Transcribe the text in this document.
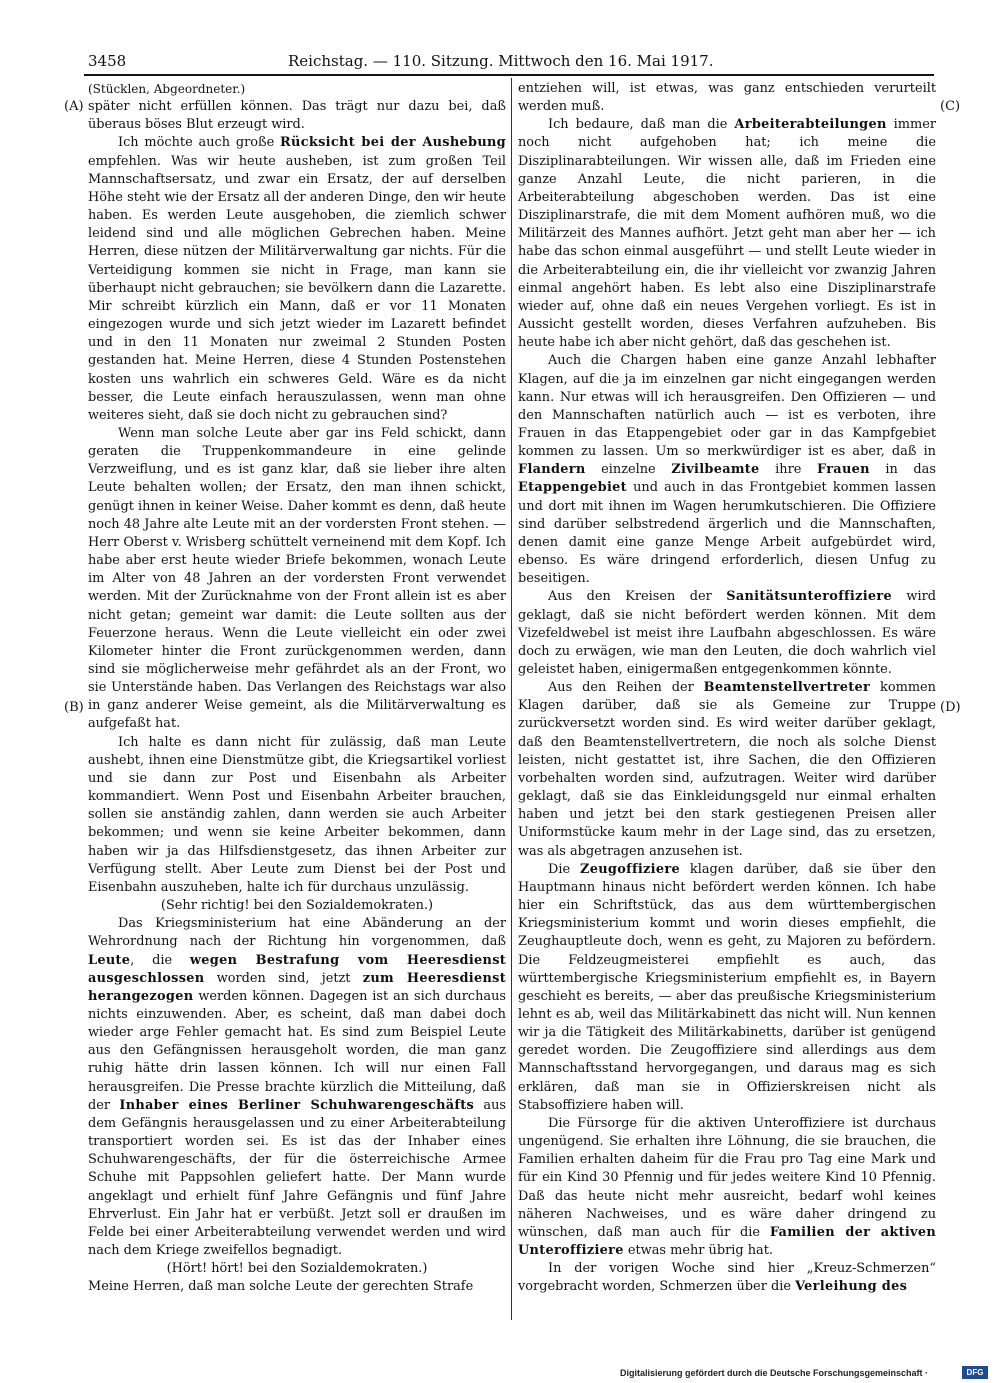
3458	Reichstag. — 110. Sitzung. Mittwoch den 16. Mai 1917.
(A)
(B)
(C)
(D)

(Stücklen, Abgeordneter.)

später nicht erfüllen können. Das trägt nur dazu bei, daß überaus böses Blut erzeugt wird.

Ich möchte auch große Rücksicht bei der Aushebung empfehlen. Was wir heute ausheben, ist zum großen Teil Mannschaftsersatz, und zwar ein Ersatz, der auf derselben Höhe steht wie der Ersatz all der anderen Dinge, den wir heute haben. Es werden Leute ausgehoben, die ziemlich schwer leidend sind und alle möglichen Gebrechen haben. Meine Herren, diese nützen der Militärverwaltung gar nichts. Für die Verteidigung kommen sie nicht in Frage, man kann sie überhaupt nicht gebrauchen; sie bevölkern dann die Lazarette. Mir schreibt kürzlich ein Mann, daß er vor 11 Monaten eingezogen wurde und sich jetzt wieder im Lazarett befindet und in den 11 Monaten nur zweimal 2 Stunden Posten gestanden hat. Meine Herren, diese 4 Stunden Postenstehen kosten uns wahrlich ein schweres Geld. Wäre es da nicht besser, die Leute einfach herauszulassen, wenn man ohne weiteres sieht, daß sie doch nicht zu gebrauchen sind?

Wenn man solche Leute aber gar ins Feld schickt, dann geraten die Truppenkommandeure in eine gelinde Verzweiflung, und es ist ganz klar, daß sie lieber ihre alten Leute behalten wollen; der Ersatz, den man ihnen schickt, genügt ihnen in keiner Weise. Daher kommt es denn, daß heute noch 48 Jahre alte Leute mit an der vordersten Front stehen. — Herr Oberst v. Wrisberg schüttelt verneinend mit dem Kopf. Ich habe aber erst heute wieder Briefe bekommen, wonach Leute im Alter von 48 Jahren an der vordersten Front verwendet werden. Mit der Zurücknahme von der Front allein ist es aber nicht getan; gemeint war damit: die Leute sollten aus der Feuerzone heraus. Wenn die Leute vielleicht ein oder zwei Kilometer hinter die Front zurückgenommen werden, dann sind sie möglicherweise mehr gefährdet als an der Front, wo sie Unterstände haben. Das Verlangen des Reichstags war also in ganz anderer Weise gemeint, als die Militärverwaltung es aufgefaßt hat.

Ich halte es dann nicht für zulässig, daß man Leute aushebt, ihnen eine Dienstmütze gibt, die Kriegsartikel vorliest und sie dann zur Post und Eisenbahn als Arbeiter kommandiert. Wenn Post und Eisenbahn Arbeiter brauchen, sollen sie anständig zahlen, dann werden sie auch Arbeiter bekommen; und wenn sie keine Arbeiter bekommen, dann haben wir ja das Hilfsdienstgesetz, das ihnen Arbeiter zur Verfügung stellt. Aber Leute zum Dienst bei der Post und Eisenbahn auszuheben, halte ich für durchaus unzulässig.

(Sehr richtig! bei den Sozialdemokraten.)

Das Kriegsministerium hat eine Abänderung an der Wehrordnung nach der Richtung hin vorgenommen, daß Leute, die wegen Bestrafung vom Heeresdienst ausgeschlossen worden sind, jetzt zum Heeresdienst herangezogen werden können. Dagegen ist an sich durchaus nichts einzuwenden. Aber, es scheint, daß man dabei doch wieder arge Fehler gemacht hat. Es sind zum Beispiel Leute aus den Gefängnissen herausgeholt worden, die man ganz ruhig hätte drin lassen können. Ich will nur einen Fall herausgreifen. Die Presse brachte kürzlich die Mitteilung, daß der Inhaber eines Berliner Schuhwarengeschäfts aus dem Gefängnis herausgelassen und zu einer Arbeiterabteilung transportiert worden sei. Es ist das der Inhaber eines Schuhwarengeschäfts, der für die österreichische Armee Schuhe mit Pappsohlen geliefert hatte. Der Mann wurde angeklagt und erhielt fünf Jahre Gefängnis und fünf Jahre Ehrverlust. Ein Jahr hat er verbüßt. Jetzt soll er draußen im Felde bei einer Arbeiterabteilung verwendet werden und wird nach dem Kriege zweifellos begnadigt.

(Hört! hört! bei den Sozialdemokraten.)

Meine Herren, daß man solche Leute der gerechten Strafe

entziehen will, ist etwas, was ganz entschieden verurteilt werden muß.

Ich bedaure, daß man die Arbeiterabteilungen immer noch nicht aufgehoben hat; ich meine die Disziplinarabteilungen. Wir wissen alle, daß im Frieden eine ganze Anzahl Leute, die nicht parieren, in die Arbeiterabteilung abgeschoben werden. Das ist eine Disziplinarstrafe, die mit dem Moment aufhören muß, wo die Militärzeit des Mannes aufhört. Jetzt geht man aber her — ich habe das schon einmal ausgeführt — und stellt Leute wieder in die Arbeiterabteilung ein, die ihr vielleicht vor zwanzig Jahren einmal angehört haben. Es lebt also eine Disziplinarstrafe wieder auf, ohne daß ein neues Vergehen vorliegt. Es ist in Aussicht gestellt worden, dieses Verfahren aufzuheben. Bis heute habe ich aber nicht gehört, daß das geschehen ist.

Auch die Chargen haben eine ganze Anzahl lebhafter Klagen, auf die ja im einzelnen gar nicht eingegangen werden kann. Nur etwas will ich herausgreifen. Den Offizieren — und den Mannschaften natürlich auch — ist es verboten, ihre Frauen in das Etappengebiet oder gar in das Kampfgebiet kommen zu lassen. Um so merkwürdiger ist es aber, daß in Flandern einzelne Zivilbeamte ihre Frauen in das Etappengebiet und auch in das Frontgebiet kommen lassen und dort mit ihnen im Wagen herumkutschieren. Die Offiziere sind darüber selbstredend ärgerlich und die Mannschaften, denen damit eine ganze Menge Arbeit aufgebürdet wird, ebenso. Es wäre dringend erforderlich, diesen Unfug zu beseitigen.

Aus den Kreisen der Sanitätsunteroffiziere wird geklagt, daß sie nicht befördert werden können. Mit dem Vizefeldwebel ist meist ihre Laufbahn abgeschlossen. Es wäre doch zu erwägen, wie man den Leuten, die doch wahrlich viel geleistet haben, einigermaßen entgegenkommen könnte.

Aus den Reihen der Beamtenstellvertreter kommen Klagen darüber, daß sie als Gemeine zur Truppe zurückversetzt worden sind. Es wird weiter darüber geklagt, daß den Beamtenstellvertretern, die noch als solche Dienst leisten, nicht gestattet ist, ihre Sachen, die den Offizieren vorbehalten worden sind, aufzutragen. Weiter wird darüber geklagt, daß sie das Einkleidungsgeld nur einmal erhalten haben und jetzt bei den stark gestiegenen Preisen aller Uniformstücke kaum mehr in der Lage sind, das zu ersetzen, was als abgetragen anzusehen ist.

Die Zeugoffiziere klagen darüber, daß sie über den Hauptmann hinaus nicht befördert werden können. Ich habe hier ein Schriftstück, das aus dem württembergischen Kriegsministerium kommt und worin dieses empfiehlt, die Zeughauptleute doch, wenn es geht, zu Majoren zu befördern. Die Feldzeugmeisterei empfiehlt es auch, das württembergische Kriegsministerium empfiehlt es, in Bayern geschieht es bereits, — aber das preußische Kriegsministerium lehnt es ab, weil das Militärkabinett das nicht will. Nun kennen wir ja die Tätigkeit des Militärkabinetts, darüber ist genügend geredet worden. Die Zeugoffiziere sind allerdings aus dem Mannschaftsstand hervorgegangen, und daraus mag es sich erklären, daß man sie in Offizierskreisen nicht als Stabsoffiziere haben will.

Die Fürsorge für die aktiven Unteroffiziere ist durchaus ungenügend. Sie erhalten ihre Löhnung, die sie brauchen, die Familien erhalten daheim für die Frau pro Tag eine Mark und für ein Kind 30 Pfennig und für jedes weitere Kind 10 Pfennig. Daß das heute nicht mehr ausreicht, bedarf wohl keines näheren Nachweises, und es wäre daher dringend zu wünschen, daß man auch für die Familien der aktiven Unteroffiziere etwas mehr übrig hat.

In der vorigen Woche sind hier „Kreuz-Schmerzen“ vorgebracht worden, Schmerzen über die Verleihung des

Digitalisierung gefördert durch die Deutsche Forschungsgemeinschaft ·	DFG
